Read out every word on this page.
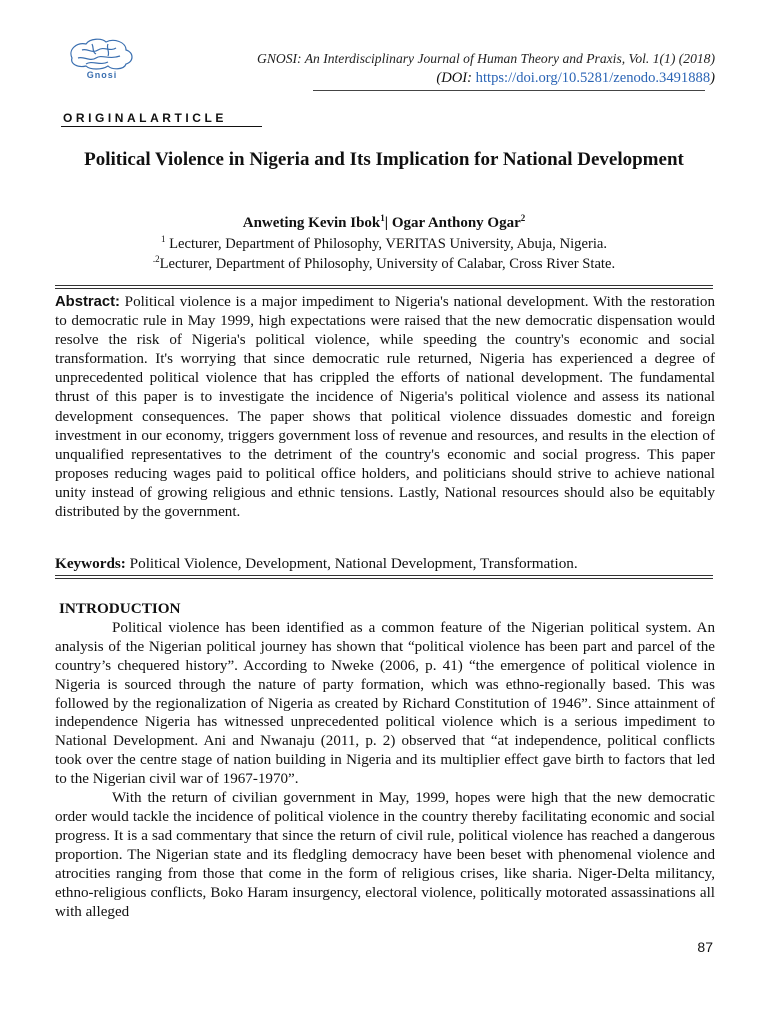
Gnosi
GNOSI: An Interdisciplinary Journal of Human Theory and Praxis, Vol. 1(1) (2018)
(DOI: https://doi.org/10.5281/zenodo.3491888)
ORIGINALARTICLE
Political Violence in Nigeria and Its Implication for National Development
Anweting Kevin Ibok$^1$| Ogar Anthony Ogar$^2$
$^1$ Lecturer, Department of Philosophy, VERITAS University, Abuja, Nigeria.
$^{.2}$Lecturer, Department of Philosophy, University of Calabar, Cross River State.
Abstract: Political violence is a major impediment to Nigeria's national development. With the restoration to democratic rule in May 1999, high expectations were raised that the new democratic dispensation would resolve the risk of Nigeria's political violence, while speeding the country's economic and social transformation. It's worrying that since democratic rule returned, Nigeria has experienced a degree of unprecedented political violence that has crippled the efforts of national development. The fundamental thrust of this paper is to investigate the incidence of Nigeria's political violence and assess its national development consequences. The paper shows that political violence dissuades domestic and foreign investment in our economy, triggers government loss of revenue and resources, and results in the election of unqualified representatives to the detriment of the country's economic and social progress. This paper proposes reducing wages paid to political office holders, and politicians should strive to achieve national unity instead of growing religious and ethnic tensions. Lastly, National resources should also be equitably distributed by the government.
Keywords: Political Violence, Development, National Development, Transformation.
INTRODUCTION

Political violence has been identified as a common feature of the Nigerian political system. An analysis of the Nigerian political journey has shown that “political violence has been part and parcel of the country’s chequered history”. According to Nweke (2006, p. 41) “the emergence of political violence in Nigeria is sourced through the nature of party formation, which was ethno-regionally based. This was followed by the regionalization of Nigeria as created by Richard Constitution of 1946”. Since attainment of independence Nigeria has witnessed unprecedented political violence which is a serious impediment to National Development. Ani and Nwanaju (2011, p. 2) observed that “at independence, political conflicts took over the centre stage of nation building in Nigeria and its multiplier effect gave birth to factors that led to the Nigerian civil war of 1967-1970”.

With the return of civilian government in May, 1999, hopes were high that the new democratic order would tackle the incidence of political violence in the country thereby facilitating economic and social progress. It is a sad commentary that since the return of civil rule, political violence has reached a dangerous proportion. The Nigerian state and its fledgling democracy have been beset with phenomenal violence and atrocities ranging from those that come in the form of religious crises, like sharia. Niger-Delta militancy, ethno-religious conflicts, Boko Haram insurgency, electoral violence, politically motorated assassinations all with alleged

87
